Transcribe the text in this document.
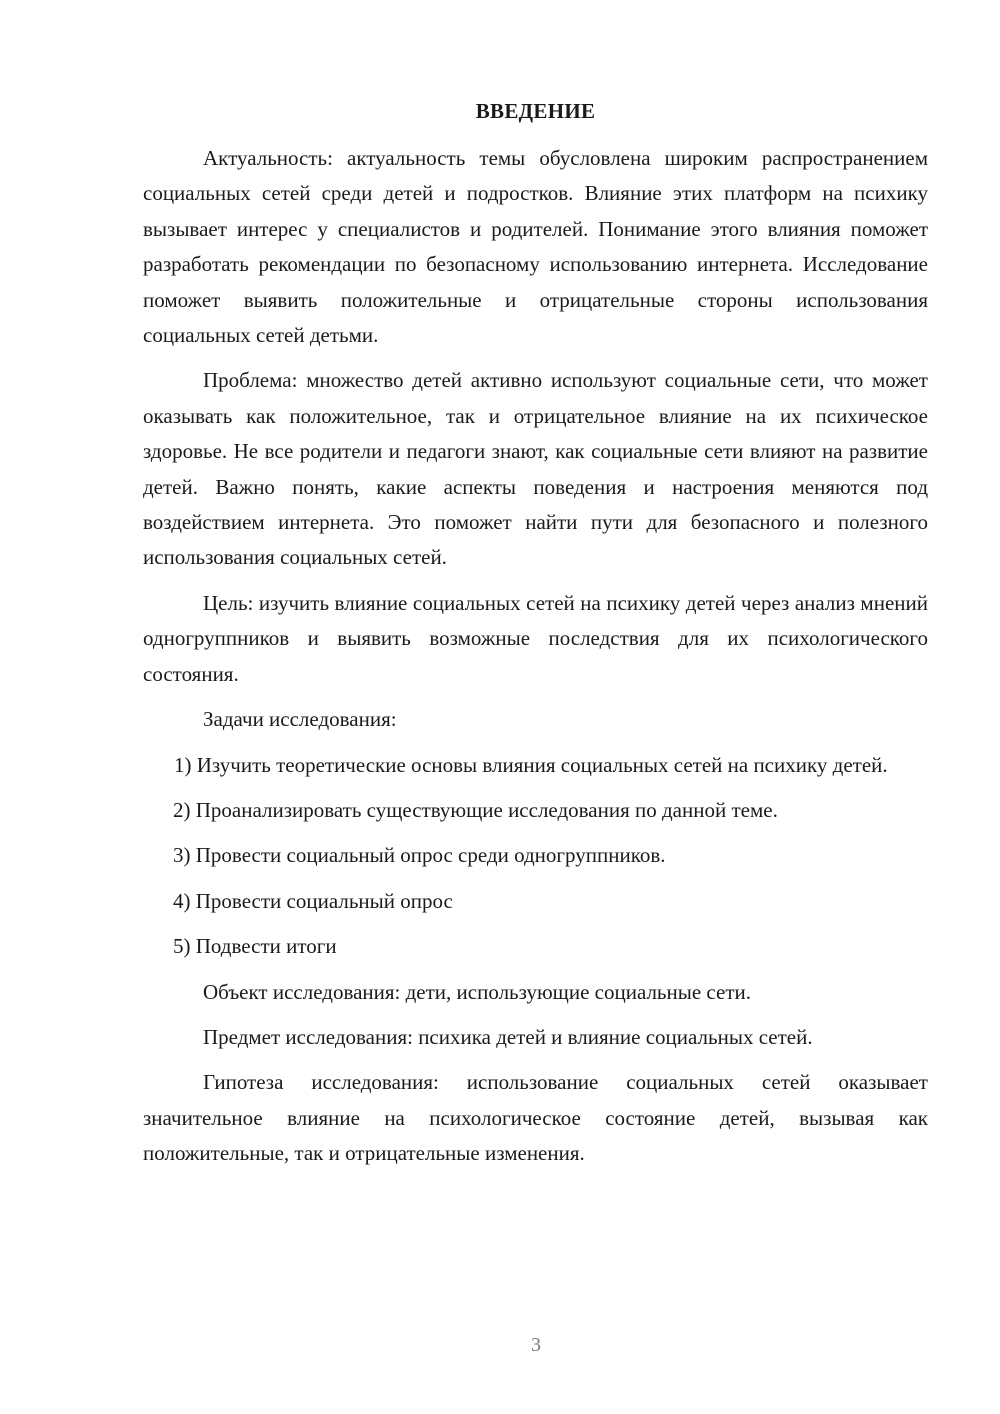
ВВЕДЕНИЕ

Актуальность: актуальность темы обусловлена широким распространением социальных сетей среди детей и подростков. Влияние этих платформ на психику вызывает интерес у специалистов и родителей. Понимание этого влияния поможет разработать рекомендации по безопасному использованию интернета. Исследование поможет выявить положительные и отрицательные стороны использования социальных сетей детьми.

Проблема: множество детей активно используют социальные сети, что может оказывать как положительное, так и отрицательное влияние на их психическое здоровье. Не все родители и педагоги знают, как социальные сети влияют на развитие детей. Важно понять, какие аспекты поведения и настроения меняются под воздействием интернета. Это поможет найти пути для безопасного и полезного использования социальных сетей.

Цель: изучить влияние социальных сетей на психику детей через анализ мнений одногруппников и выявить возможные последствия для их психологического состояния.

Задачи исследования:

1) Изучить теоретические основы влияния социальных сетей на психику детей.

2) Проанализировать существующие исследования по данной теме.

3) Провести социальный опрос среди одногруппников.

4) Провести социальный опрос

5) Подвести итоги

Объект исследования: дети, использующие социальные сети.

Предмет исследования: психика детей и влияние социальных сетей.

Гипотеза исследования: использование социальных сетей оказывает значительное влияние на психологическое состояние детей, вызывая как положительные, так и отрицательные изменения.

3
